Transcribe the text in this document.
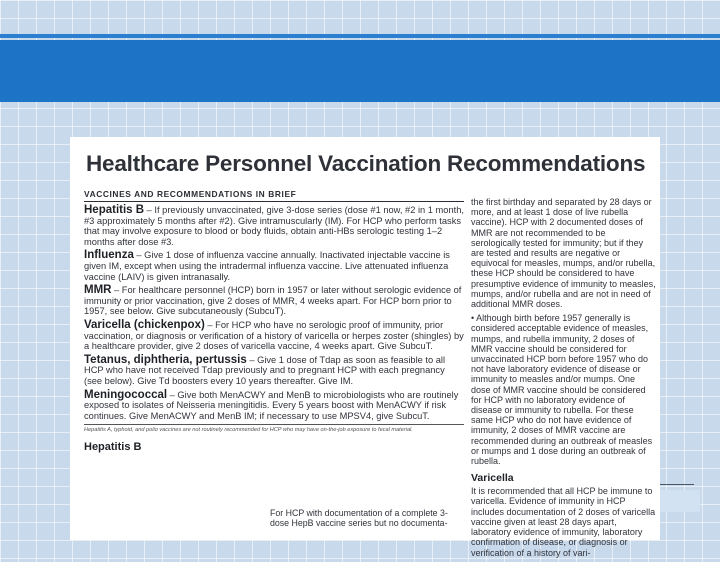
Healthcare Personnel Vaccination Recommendations
VACCINES AND RECOMMENDATIONS IN BRIEF
Hepatitis B – If previously unvaccinated, give 3-dose series (dose #1 now, #2 in 1 month, #3 approximately 5 months after #2). Give intramuscularly (IM). For HCP who perform tasks that may involve exposure to blood or body fluids, obtain anti-HBs serologic testing 1–2 months after dose #3.
Influenza – Give 1 dose of influenza vaccine annually. Inactivated injectable vaccine is given IM, except when using the intradermal influenza vaccine. Live attenuated influenza vaccine (LAIV) is given intranasally.
MMR – For healthcare personnel (HCP) born in 1957 or later without serologic evidence of immunity or prior vaccination, give 2 doses of MMR, 4 weeks apart. For HCP born prior to 1957, see below. Give subcutaneously (SubcuT).
Varicella (chickenpox) – For HCP who have no serologic proof of immunity, prior vaccination, or diagnosis or verification of a history of varicella or herpes zoster (shingles) by a healthcare provider, give 2 doses of varicella vaccine, 4 weeks apart. Give SubcuT.
Tetanus, diphtheria, pertussis – Give 1 dose of Tdap as soon as feasible to all HCP who have not received Tdap previously and to pregnant HCP with each pregnancy (see below). Give Td boosters every 10 years thereafter. Give IM.
Meningococcal – Give both MenACWY and MenB to microbiologists who are routinely exposed to isolates of Neisseria meningitidis. Every 5 years boost with MenACWY if risk continues. Give MenACWY and MenB IM; if necessary to use MPSV4, give SubcuT.
Hepatitis A, typhoid, and polio vaccines are not routinely recommended for HCP who may have on-the-job exposure to fecal material.
Hepatitis B
For HCP with documentation of a complete 3-dose HepB vaccine series but no documenta-
the first birthday and separated by 28 days or more, and at least 1 dose of live rubella vaccine). HCP with 2 documented doses of MMR are not recommended to be serologically tested for immunity; but if they are tested and results are negative or equivocal for measles, mumps, and/or rubella, these HCP should be considered to have presumptive evidence of immunity to measles, mumps, and/or rubella and are not in need of additional MMR doses.
• Although birth before 1957 generally is considered acceptable evidence of measles, mumps, and rubella immunity, 2 doses of MMR vaccine should be considered for unvaccinated HCP born before 1957 who do not have laboratory evidence of disease or immunity to measles and/or mumps. One dose of MMR vaccine should be considered for HCP with no laboratory evidence of disease or immunity to rubella. For these same HCP who do not have evidence of immunity, 2 doses of MMR vaccine are recommended during an outbreak of measles or mumps and 1 dose during an outbreak of rubella.
Varicella
It is recommended that all HCP be immune to varicella. Evidence of immunity in HCP includes documentation of 2 doses of varicella vaccine given at least 28 days apart, laboratory evidence of immunity, laboratory confirmation of disease, or diagnosis or verification of a history of vari-
